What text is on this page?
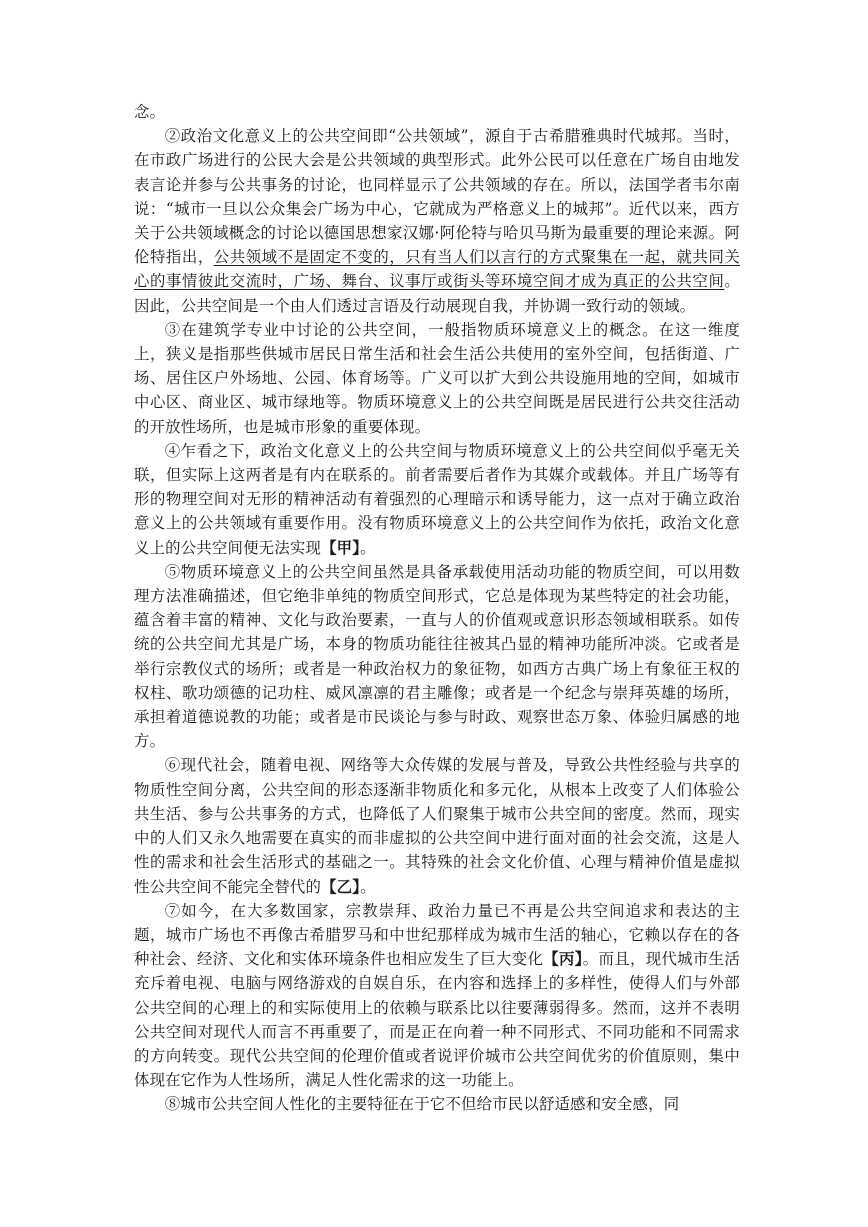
念。

②政治文化意义上的公共空间即“公共领域”，源自于古希腊雅典时代城邦。当时，在市政广场进行的公民大会是公共领域的典型形式。此外公民可以任意在广场自由地发表言论并参与公共事务的讨论，也同样显示了公共领域的存在。所以，法国学者韦尔南说：“城市一旦以公众集会广场为中心，它就成为严格意义上的城邦”。近代以来，西方关于公共领域概念的讨论以德国思想家汉娜·阿伦特与哈贝马斯为最重要的理论来源。阿伦特指出，公共领域不是固定不变的，只有当人们以言行的方式聚集在一起，就共同关心的事情彼此交流时，广场、舞台、议事厅或街头等环境空间才成为真正的公共空间。因此，公共空间是一个由人们透过言语及行动展现自我，并协调一致行动的领域。

③在建筑学专业中讨论的公共空间，一般指物质环境意义上的概念。在这一维度上，狭义是指那些供城市居民日常生活和社会生活公共使用的室外空间，包括街道、广场、居住区户外场地、公园、体育场等。广义可以扩大到公共设施用地的空间，如城市中心区、商业区、城市绿地等。物质环境意义上的公共空间既是居民进行公共交往活动的开放性场所，也是城市形象的重要体现。

④乍看之下，政治文化意义上的公共空间与物质环境意义上的公共空间似乎毫无关联，但实际上这两者是有内在联系的。前者需要后者作为其媒介或载体。并且广场等有形的物理空间对无形的精神活动有着强烈的心理暗示和诱导能力，这一点对于确立政治意义上的公共领域有重要作用。没有物质环境意义上的公共空间作为依托，政治文化意义上的公共空间便无法实现【甲】。

⑤物质环境意义上的公共空间虽然是具备承载使用活动功能的物质空间，可以用数理方法准确描述，但它绝非单纯的物质空间形式，它总是体现为某些特定的社会功能，蕴含着丰富的精神、文化与政治要素，一直与人的价值观或意识形态领域相联系。如传统的公共空间尤其是广场，本身的物质功能往往被其凸显的精神功能所冲淡。它或者是举行宗教仪式的场所；或者是一种政治权力的象征物，如西方古典广场上有象征王权的权柱、歌功颂德的记功柱、威风凛凛的君主雕像；或者是一个纪念与崇拜英雄的场所，承担着道德说教的功能；或者是市民谈论与参与时政、观察世态万象、体验归属感的地方。

⑥现代社会，随着电视、网络等大众传媒的发展与普及，导致公共性经验与共享的物质性空间分离，公共空间的形态逐渐非物质化和多元化，从根本上改变了人们体验公共生活、参与公共事务的方式，也降低了人们聚集于城市公共空间的密度。然而，现实中的人们又永久地需要在真实的而非虚拟的公共空间中进行面对面的社会交流，这是人性的需求和社会生活形式的基础之一。其特殊的社会文化价值、心理与精神价值是虚拟性公共空间不能完全替代的【乙】。

⑦如今，在大多数国家，宗教崇拜、政治力量已不再是公共空间追求和表达的主题，城市广场也不再像古希腊罗马和中世纪那样成为城市生活的轴心，它赖以存在的各种社会、经济、文化和实体环境条件也相应发生了巨大变化【丙】。而且，现代城市生活充斥着电视、电脑与网络游戏的自娱自乐，在内容和选择上的多样性，使得人们与外部公共空间的心理上的和实际使用上的依赖与联系比以往要薄弱得多。然而，这并不表明公共空间对现代人而言不再重要了，而是正在向着一种不同形式、不同功能和不同需求的方向转变。现代公共空间的伦理价值或者说评价城市公共空间优劣的价值原则，集中体现在它作为人性场所，满足人性化需求的这一功能上。

⑧城市公共空间人性化的主要特征在于它不但给市民以舒适感和安全感，同
